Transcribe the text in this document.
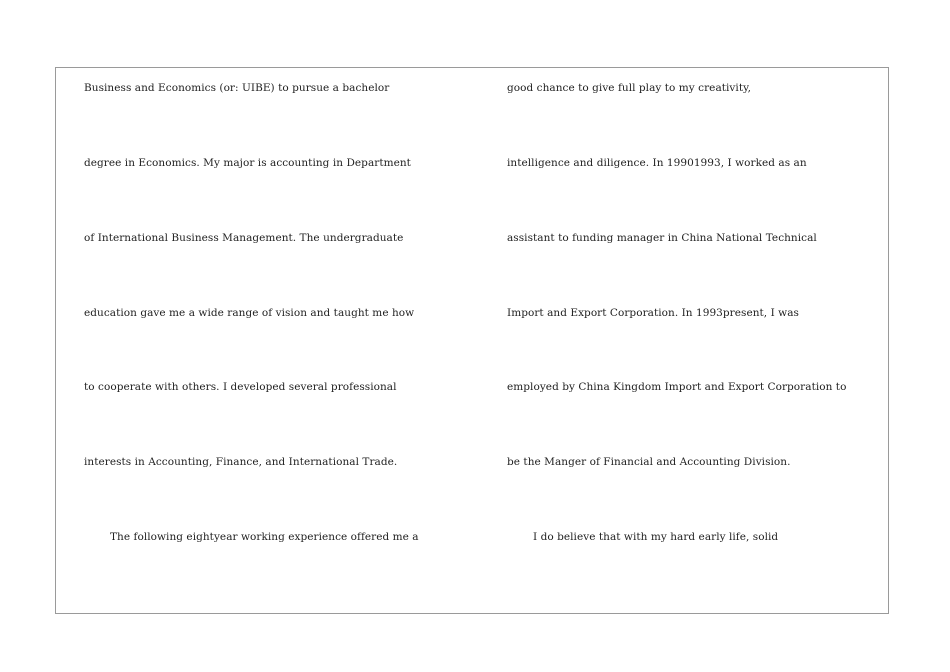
Business and Economics (or: UIBE) to pursue a bachelor
degree in Economics. My major is accounting in Department
of International Business Management. The undergraduate
education gave me a wide range of vision and taught me how
to cooperate with others. I developed several professional
interests in Accounting, Finance, and International Trade.
The following eightyear working experience offered me a
good chance to give full play to my creativity,
intelligence and diligence. In 19901993, I worked as an
assistant to funding manager in China National Technical
Import and Export Corporation. In 1993present, I was
employed by China Kingdom Import and Export Corporation to
be the Manger of Financial and Accounting Division.
I do believe that with my hard early life, solid
